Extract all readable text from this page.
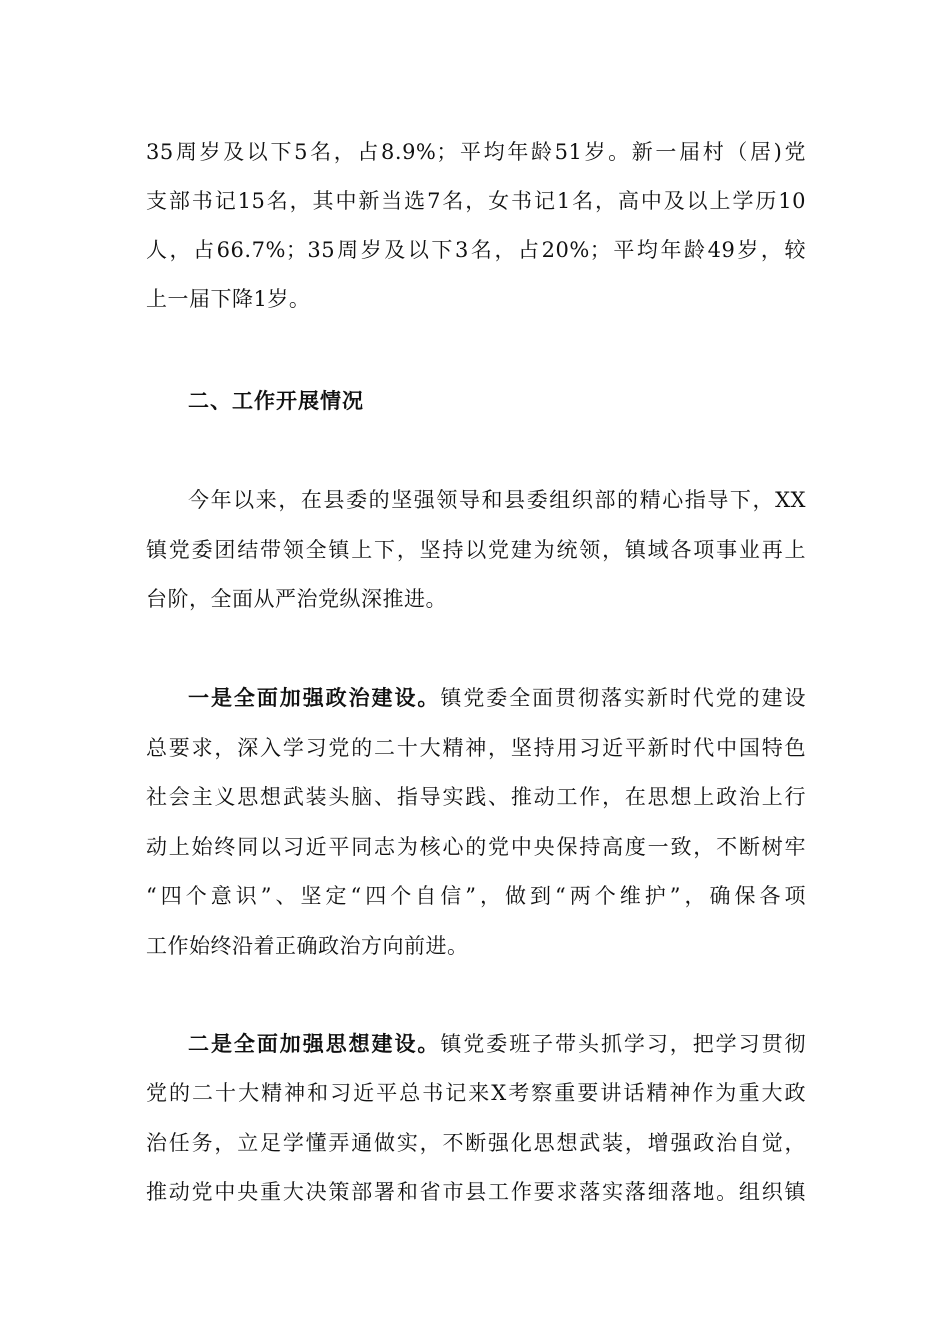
35周岁及以下5名，占8.9%；平均年龄51岁。新一届村（居)党
支部书记15名，其中新当选7名，女书记1名，高中及以上学历10
人，占66.7%；35周岁及以下3名，占20%；平均年龄49岁，较
上一届下降1岁。
二、工作开展情况
今年以来，在县委的坚强领导和县委组织部的精心指导下，XX
镇党委团结带领全镇上下，坚持以党建为统领，镇域各项事业再上
台阶，全面从严治党纵深推进。
一是全面加强政治建设。镇党委全面贯彻落实新时代党的建设
总要求，深入学习党的二十大精神，坚持用习近平新时代中国特色
社会主义思想武装头脑、指导实践、推动工作，在思想上政治上行
动上始终同以习近平同志为核心的党中央保持高度一致，不断树牢
“四个意识”、坚定“四个自信”，做到“两个维护”，确保各项
工作始终沿着正确政治方向前进。
二是全面加强思想建设。镇党委班子带头抓学习，把学习贯彻
党的二十大精神和习近平总书记来X考察重要讲话精神作为重大政
治任务，立足学懂弄通做实，不断强化思想武装，增强政治自觉，
推动党中央重大决策部署和省市县工作要求落实落细落地。组织镇
